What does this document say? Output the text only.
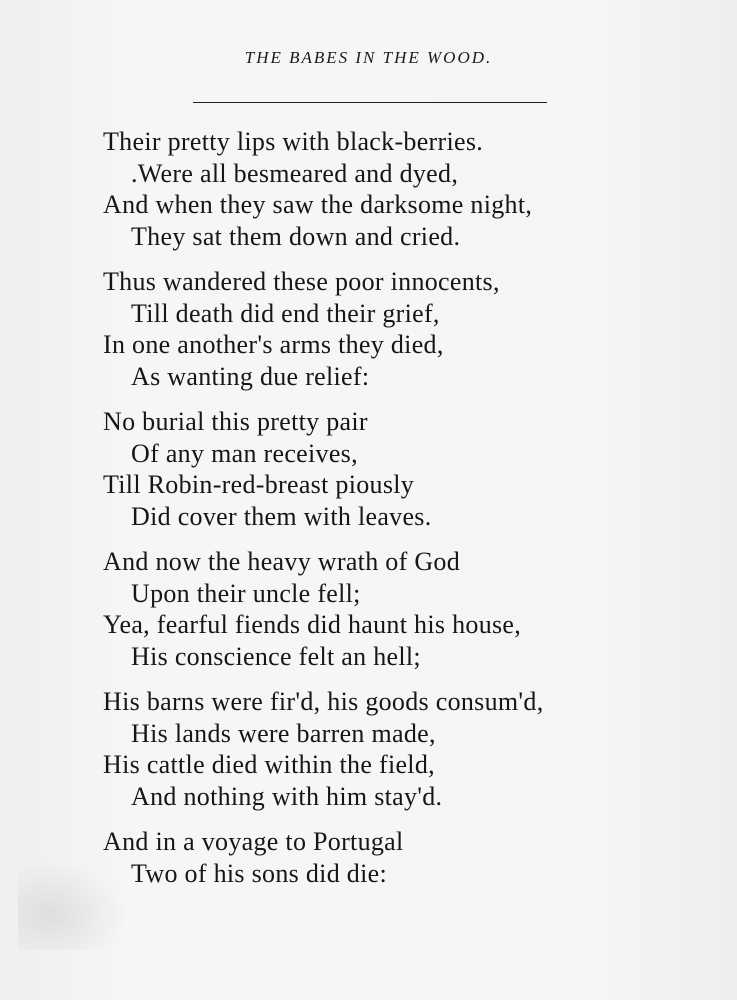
THE BABES IN THE WOOD.
Their pretty lips with black-berries.
.Were all besmeared and dyed,
And when they saw the darksome night,
They sat them down and cried.
Thus wandered these poor innocents,
Till death did end their grief,
In one another's arms they died,
As wanting due relief:
No burial this pretty pair
Of any man receives,
Till Robin-red-breast piously
Did cover them with leaves.
And now the heavy wrath of God
Upon their uncle fell;
Yea, fearful fiends did haunt his house,
His conscience felt an hell;
His barns were fir'd, his goods consum'd,
His lands were barren made,
His cattle died within the field,
And nothing with him stay'd.
And in a voyage to Portugal
Two of his sons did die:
